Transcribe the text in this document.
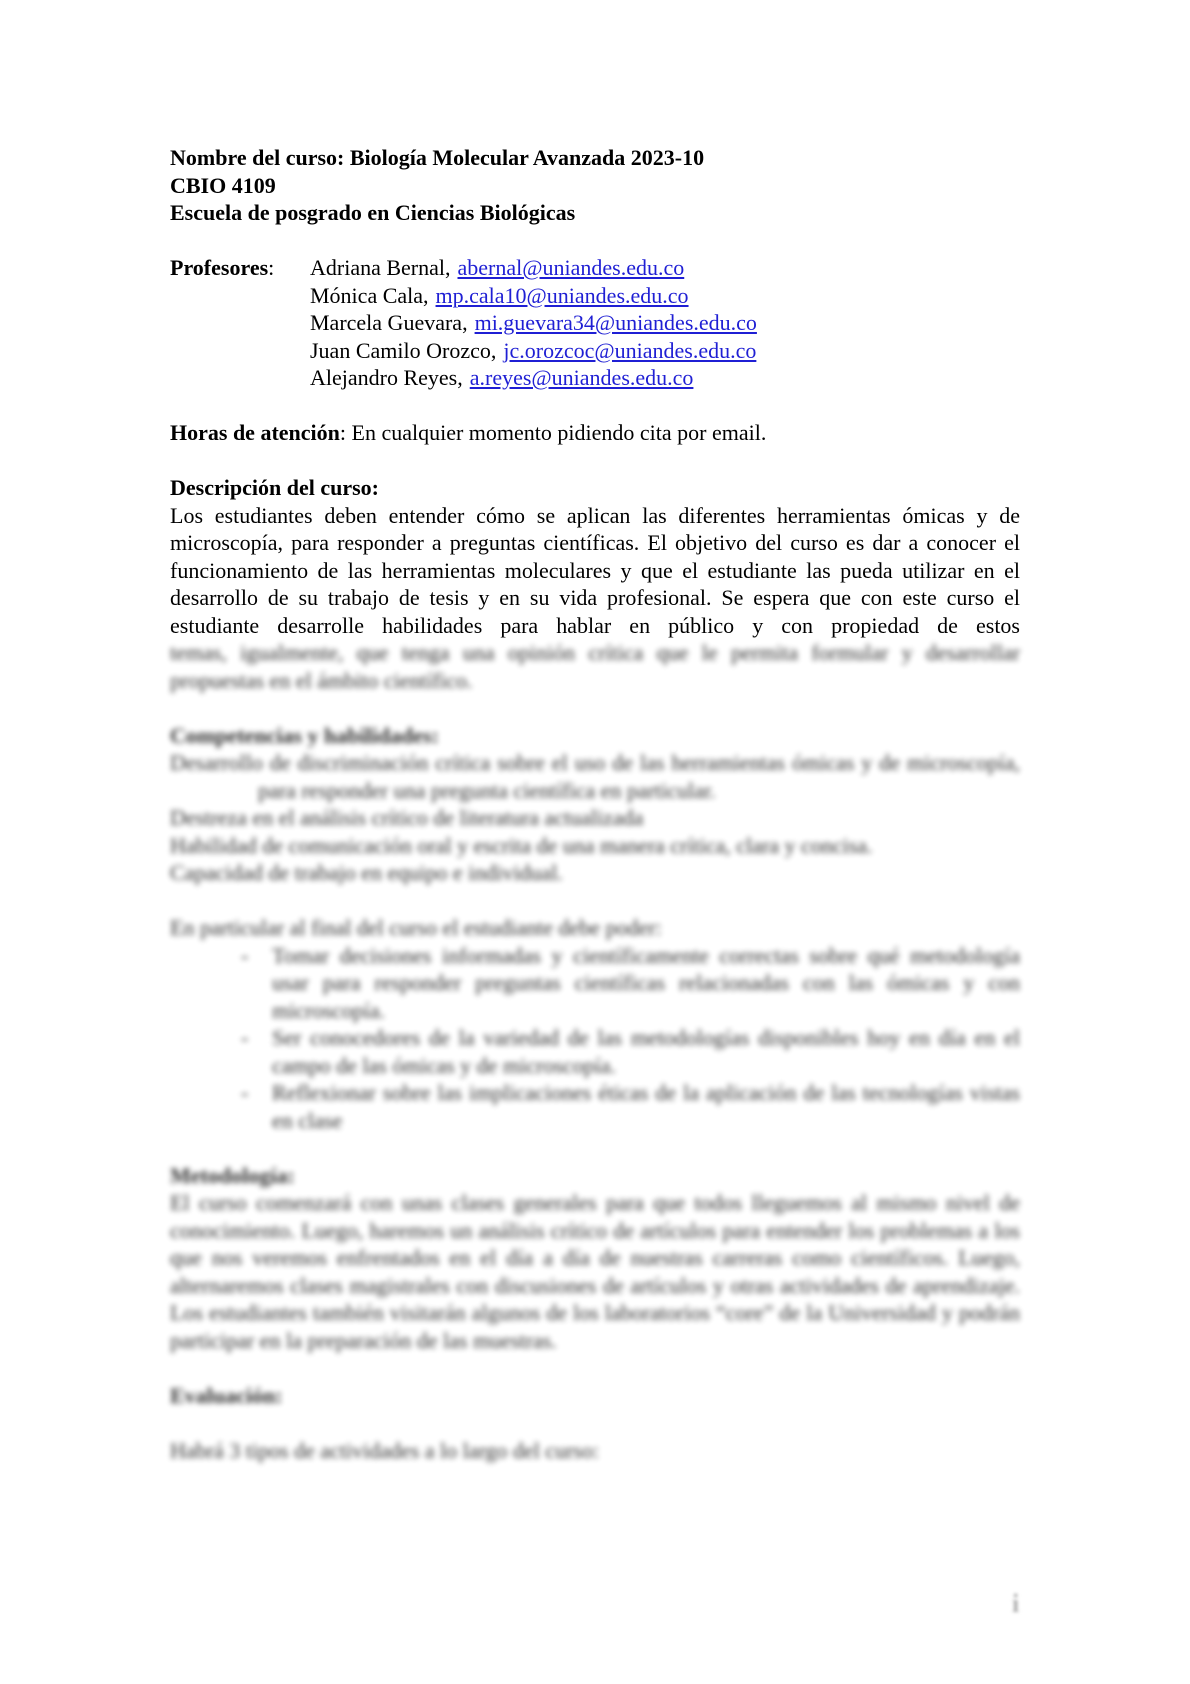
Nombre del curso: Biología Molecular Avanzada 2023-10
CBIO 4109
Escuela de posgrado en Ciencias Biológicas
Profesores: Adriana Bernal, abernal@uniandes.edu.co
Mónica Cala, mp.cala10@uniandes.edu.co
Marcela Guevara, mi.guevara34@uniandes.edu.co
Juan Camilo Orozco, jc.orozcoc@uniandes.edu.co
Alejandro Reyes, a.reyes@uniandes.edu.co
Horas de atención: En cualquier momento pidiendo cita por email.
Descripción del curso:
Los estudiantes deben entender cómo se aplican las diferentes herramientas ómicas y de microscopía, para responder a preguntas científicas. El objetivo del curso es dar a conocer el funcionamiento de las herramientas moleculares y que el estudiante las pueda utilizar en el desarrollo de su trabajo de tesis y en su vida profesional. Se espera que con este curso el estudiante desarrolle habilidades para hablar en público y con propiedad de estos
temas, igualmente, que tenga una opinión crítica que le permita formular y desarrollar propuestas en el ámbito científico.
Competencias y habilidades:
Desarrollo de discriminación crítica sobre el uso de las herramientas ómicas y de microscopía, para responder una pregunta científica en particular.
Destreza en el análisis crítico de literatura actualizada
Habilidad de comunicación oral y escrita de una manera crítica, clara y concisa.
Capacidad de trabajo en equipo e individual.
En particular al final del curso el estudiante debe poder:
- Tomar decisiones informadas y científicamente correctas sobre qué metodología usar para responder preguntas científicas relacionadas con las ómicas y con microscopía.
- Ser conocedores de la variedad de las metodologías disponibles hoy en día en el campo de las ómicas y de microscopía.
- Reflexionar sobre las implicaciones éticas de la aplicación de las tecnologías vistas en clase
Metodología:
El curso comenzará con unas clases generales para que todos lleguemos al mismo nivel de conocimiento. Luego, haremos un análisis crítico de artículos para entender los problemas a los que nos veremos enfrentados en el día a día de nuestras carreras como científicos. Luego, alternaremos clases magistrales con discusiones de artículos y otras actividades de aprendizaje. Los estudiantes también visitarán algunos de los laboratorios “core” de la Universidad y podrán participar en la preparación de las muestras.
Evaluación:
Habrá 3 tipos de actividades a lo largo del curso:
i
